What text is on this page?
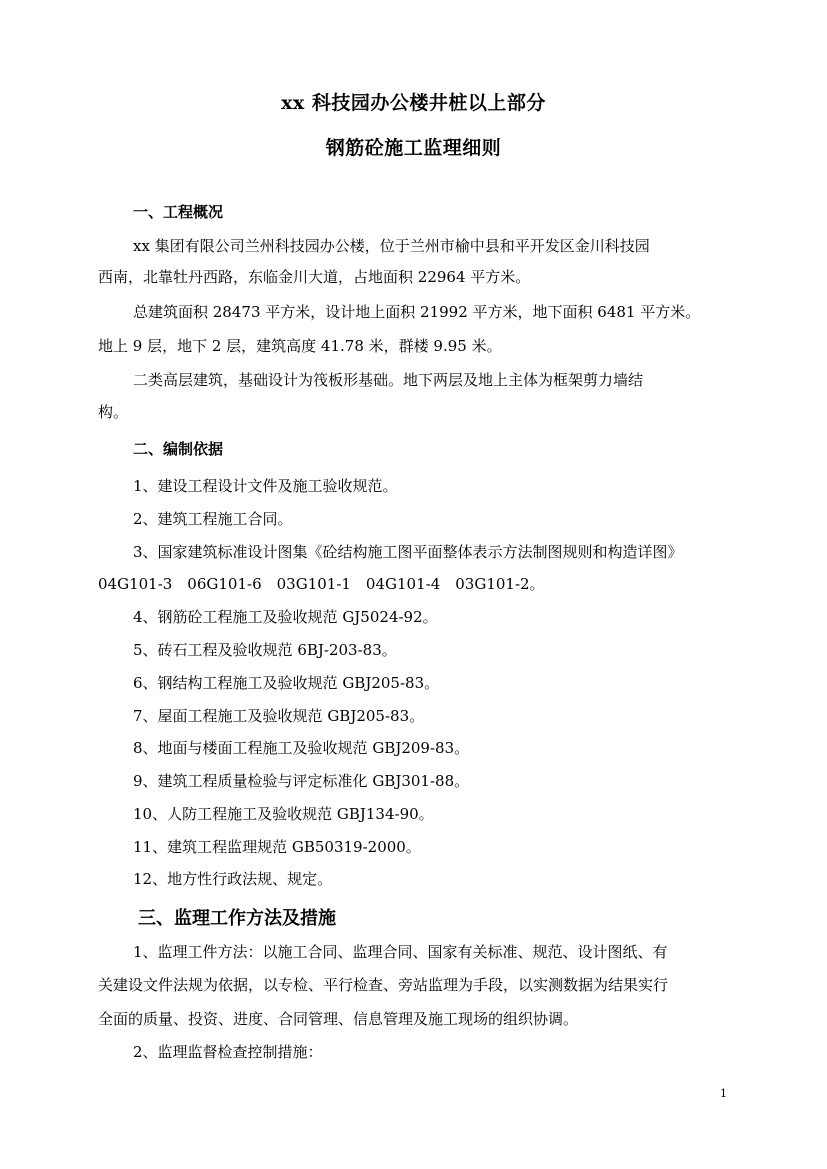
xx 科技园办公楼井桩以上部分
钢筋砼施工监理细则
一、工程概况
xx 集团有限公司兰州科技园办公楼，位于兰州市榆中县和平开发区金川科技园
西南，北靠牡丹西路，东临金川大道，占地面积 22964 平方米。
总建筑面积 28473 平方米，设计地上面积 21992 平方米，地下面积 6481 平方米。
地上 9 层，地下 2 层，建筑高度 41.78 米，群楼 9.95 米。
二类高层建筑，基础设计为筏板形基础。地下两层及地上主体为框架剪力墙结
构。
二、编制依据
1、建设工程设计文件及施工验收规范。
2、建筑工程施工合同。
3、国家建筑标准设计图集《砼结构施工图平面整体表示方法制图规则和构造详图》
04G101-3　06G101-6　03G101-1　04G101-4　03G101-2。
4、钢筋砼工程施工及验收规范 GJ5024-92。
5、砖石工程及验收规范 6BJ-203-83。
6、钢结构工程施工及验收规范 GBJ205-83。
7、屋面工程施工及验收规范 GBJ205-83。
8、地面与楼面工程施工及验收规范 GBJ209-83。
9、建筑工程质量检验与评定标准化 GBJ301-88。
10、人防工程施工及验收规范 GBJ134-90。
11、建筑工程监理规范 GB50319-2000。
12、地方性行政法规、规定。
三、监理工作方法及措施
1、监理工件方法：以施工合同、监理合同、国家有关标准、规范、设计图纸、有
关建设文件法规为依据，以专检、平行检查、旁站监理为手段，以实测数据为结果实行
全面的质量、投资、进度、合同管理、信息管理及施工现场的组织协调。
2、监理监督检查控制措施：
1
